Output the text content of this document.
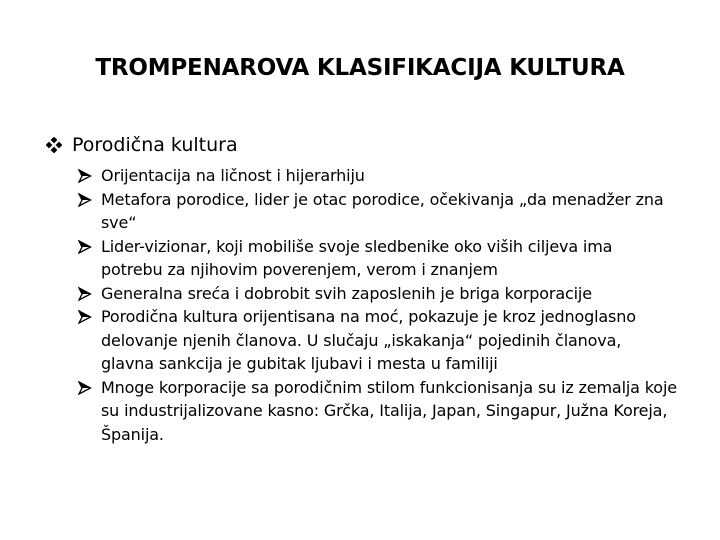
TROMPENAROVA KLASIFIKACIJA KULTURA
Porodična kultura
Orijentacija na ličnost i hijerarhiju
Metafora porodice, lider je otac porodice, očekivanja „da menadžer zna sve“
Lider-vizionar, koji mobiliše svoje sledbenike oko viših ciljeva ima potrebu za njihovim poverenjem, verom i znanjem
Generalna sreća i dobrobit svih zaposlenih je briga korporacije
Porodična kultura orijentisana na moć, pokazuje je kroz jednoglasno delovanje njenih članova. U slučaju „iskakanja“ pojedinih članova, glavna sankcija je gubitak ljubavi i mesta u familiji
Mnoge korporacije sa porodičnim stilom funkcionisanja su iz zemalja koje su industrijalizovane kasno: Grčka, Italija, Japan, Singapur, Južna Koreja, Španija.
